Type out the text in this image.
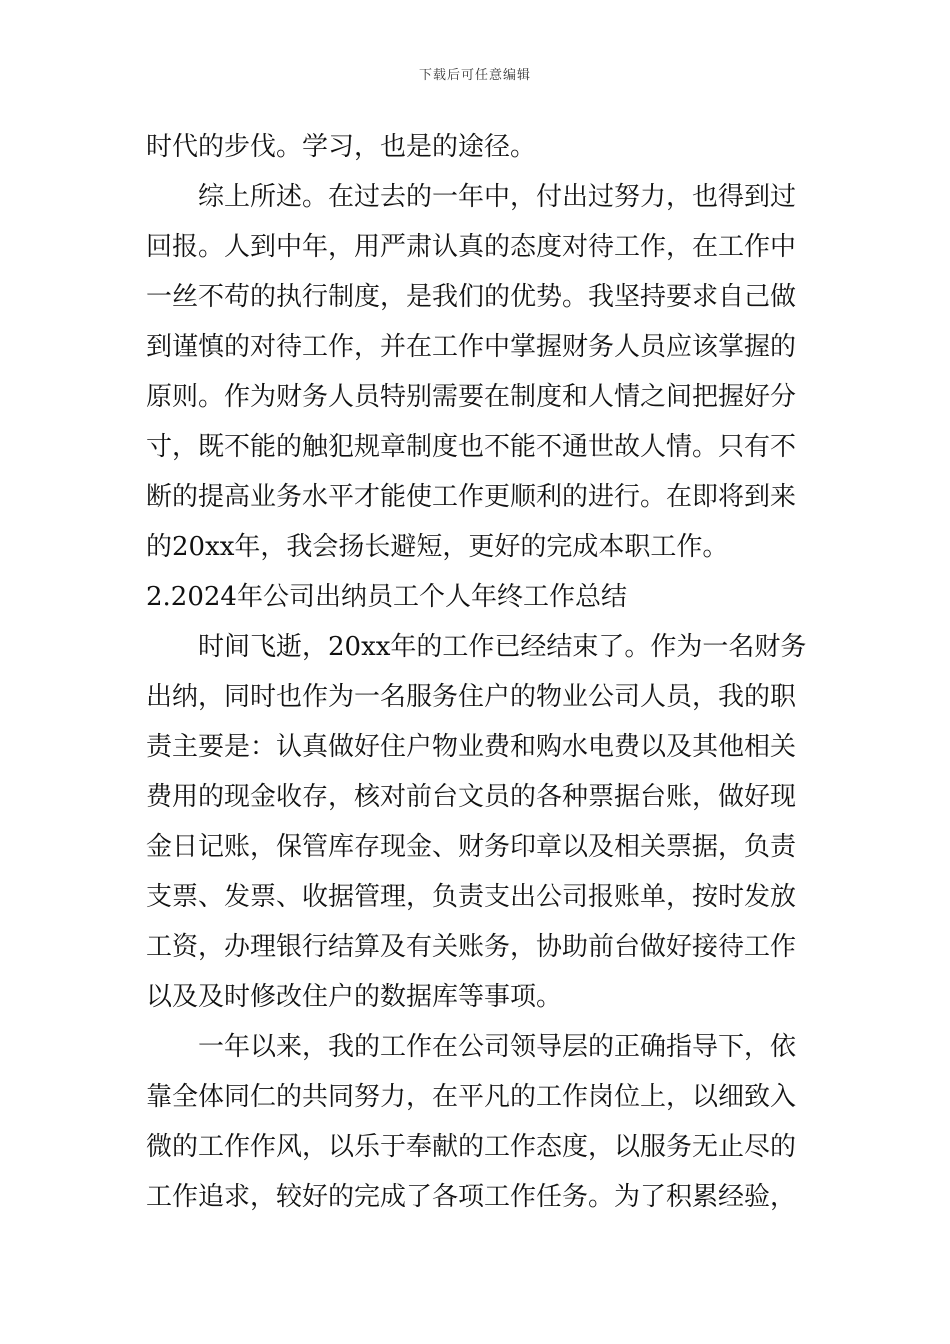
下载后可任意编辑
时代的步伐。学习，也是的途径。
综上所述。在过去的一年中，付出过努力，也得到过
回报。人到中年，用严肃认真的态度对待工作，在工作中
一丝不苟的执行制度，是我们的优势。我坚持要求自己做
到谨慎的对待工作，并在工作中掌握财务人员应该掌握的
原则。作为财务人员特别需要在制度和人情之间把握好分
寸，既不能的触犯规章制度也不能不通世故人情。只有不
断的提高业务水平才能使工作更顺利的进行。在即将到来
的20xx年，我会扬长避短，更好的完成本职工作。
2.2024年公司出纳员工个人年终工作总结
时间飞逝，20xx年的工作已经结束了。作为一名财务
出纳，同时也作为一名服务住户的物业公司人员，我的职
责主要是：认真做好住户物业费和购水电费以及其他相关
费用的现金收存，核对前台文员的各种票据台账，做好现
金日记账，保管库存现金、财务印章以及相关票据，负责
支票、发票、收据管理，负责支出公司报账单，按时发放
工资，办理银行结算及有关账务，协助前台做好接待工作
以及及时修改住户的数据库等事项。
一年以来，我的工作在公司领导层的正确指导下，依
靠全体同仁的共同努力，在平凡的工作岗位上，以细致入
微的工作作风，以乐于奉献的工作态度，以服务无止尽的
工作追求，较好的完成了各项工作任务。为了积累经验，
